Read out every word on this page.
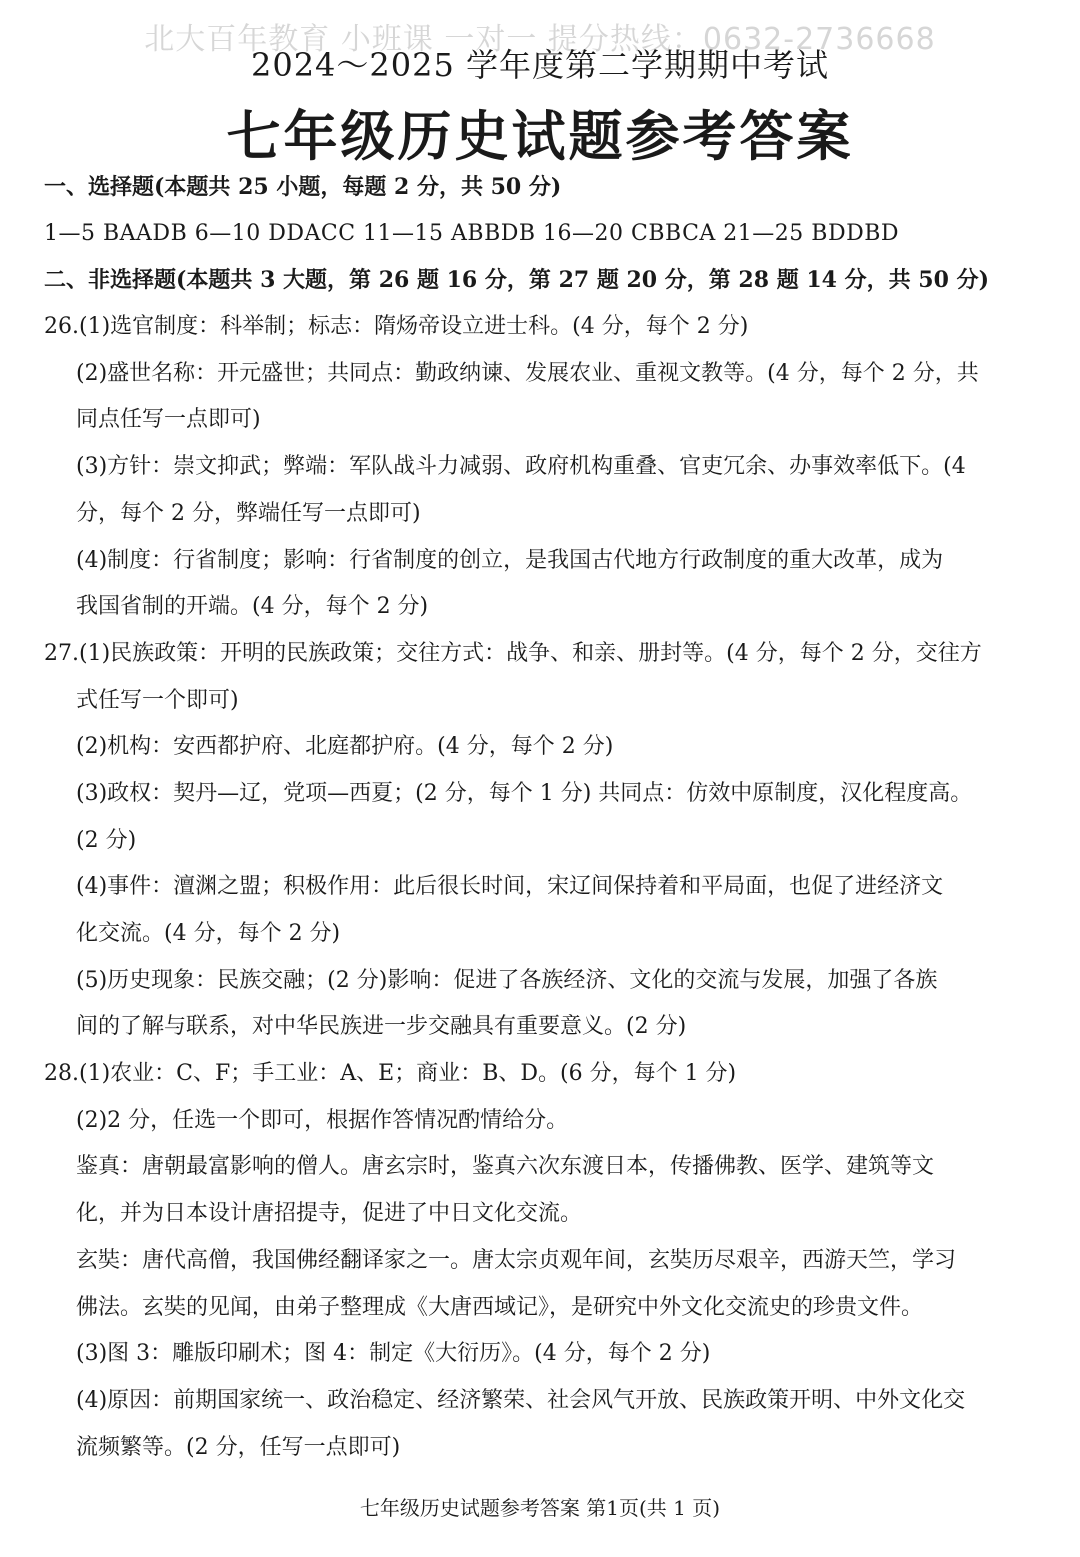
北大百年教育 小班课 一对一 提分热线：0632-2736668
2024～2025 学年度第二学期期中考试
七年级历史试题参考答案
一、选择题(本题共 25 小题，每题 2 分，共 50 分)
1—5 BAADB 6—10 DDACC 11—15 ABBDB 16—20 CBBCA 21—25 BDDBD
二、非选择题(本题共 3 大题，第 26 题 16 分，第 27 题 20 分，第 28 题 14 分，共 50 分)
26.(1)选官制度：科举制；标志：隋炀帝设立进士科。(4 分，每个 2 分)
(2)盛世名称：开元盛世；共同点：勤政纳谏、发展农业、重视文教等。(4 分，每个 2 分，共
同点任写一点即可)
(3)方针：崇文抑武；弊端：军队战斗力减弱、政府机构重叠、官吏冗余、办事效率低下。(4
分，每个 2 分，弊端任写一点即可)
(4)制度：行省制度；影响：行省制度的创立，是我国古代地方行政制度的重大改革，成为
我国省制的开端。(4 分，每个 2 分)
27.(1)民族政策：开明的民族政策；交往方式：战争、和亲、册封等。(4 分，每个 2 分，交往方
式任写一个即可)
(2)机构：安西都护府、北庭都护府。(4 分，每个 2 分)
(3)政权：契丹—辽，党项—西夏；(2 分，每个 1 分) 共同点：仿效中原制度，汉化程度高。
(2 分)
(4)事件：澶渊之盟；积极作用：此后很长时间，宋辽间保持着和平局面，也促了进经济文
化交流。(4 分，每个 2 分)
(5)历史现象：民族交融；(2 分)影响：促进了各族经济、文化的交流与发展，加强了各族
间的了解与联系，对中华民族进一步交融具有重要意义。(2 分)
28.(1)农业：C、F；手工业：A、E；商业：B、D。(6 分，每个 1 分)
(2)2 分，任选一个即可，根据作答情况酌情给分。
鉴真：唐朝最富影响的僧人。唐玄宗时，鉴真六次东渡日本，传播佛教、医学、建筑等文
化，并为日本设计唐招提寺，促进了中日文化交流。
玄奘：唐代高僧，我国佛经翻译家之一。唐太宗贞观年间，玄奘历尽艰辛，西游天竺，学习
佛法。玄奘的见闻，由弟子整理成《大唐西域记》，是研究中外文化交流史的珍贵文件。
(3)图 3：雕版印刷术；图 4：制定《大衍历》。(4 分，每个 2 分)
(4)原因：前期国家统一、政治稳定、经济繁荣、社会风气开放、民族政策开明、中外文化交
流频繁等。(2 分，任写一点即可)
七年级历史试题参考答案 第1页(共 1 页)
